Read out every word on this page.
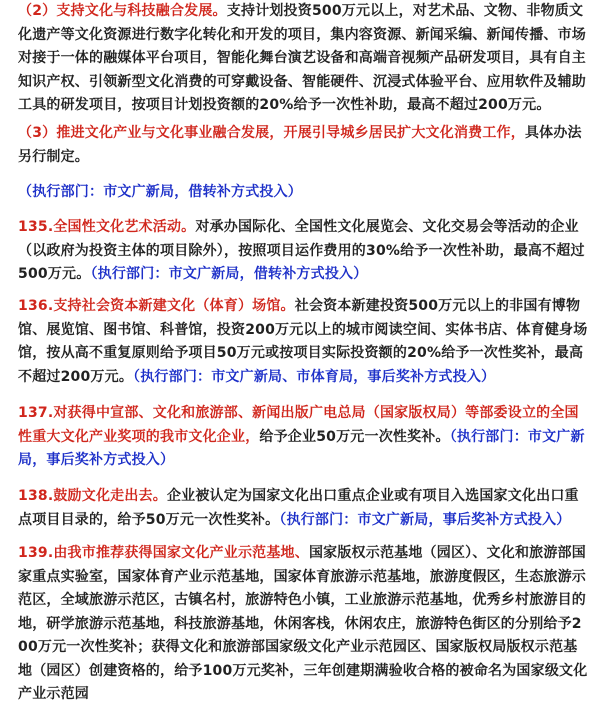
（2）支持文化与科技融合发展。支持计划投资500万元以上，对艺术品、文物、非物质文化遗产等文化资源进行数字化转化和开发的项目，集内容资源、新闻采编、新闻传播、市场对接于一体的融媒体平台项目，智能化舞台演艺设备和高端音视频产品研发项目，具有自主知识产权、引领新型文化消费的可穿戴设备、智能硬件、沉浸式体验平台、应用软件及辅助工具的研发项目，按项目计划投资额的20%给予一次性补助，最高不超过200万元。

（3）推进文化产业与文化事业融合发展，开展引导城乡居民扩大文化消费工作，具体办法另行制定。

（执行部门：市文广新局，借转补方式投入）

135.全国性文化艺术活动。对承办国际化、全国性文化展览会、文化交易会等活动的企业（以政府为投资主体的项目除外），按照项目运作费用的30%给予一次性补助，最高不超过500万元。（执行部门：市文广新局，借转补方式投入）

136.支持社会资本新建文化（体育）场馆。社会资本新建投资500万元以上的非国有博物馆、展览馆、图书馆、科普馆，投资200万元以上的城市阅读空间、实体书店、体育健身场馆，按从高不重复原则给予项目50万元或按项目实际投资额的20%给予一次性奖补，最高不超过200万元。（执行部门：市文广新局、市体育局，事后奖补方式投入）

137.对获得中宣部、文化和旅游部、新闻出版广电总局（国家版权局）等部委设立的全国性重大文化产业奖项的我市文化企业，给予企业50万元一次性奖补。（执行部门：市文广新局，事后奖补方式投入）

138.鼓励文化走出去。企业被认定为国家文化出口重点企业或有项目入选国家文化出口重点项目目录的，给予50万元一次性奖补。（执行部门：市文广新局，事后奖补方式投入）

139.由我市推荐获得国家文化产业示范基地、国家版权示范基地（园区）、文化和旅游部国家重点实验室，国家体育产业示范基地，国家体育旅游示范基地，旅游度假区，生态旅游示范区，全域旅游示范区，古镇名村，旅游特色小镇，工业旅游示范基地，优秀乡村旅游目的地，研学旅游示范基地，科技旅游基地，休闲客栈，休闲农庄，旅游特色街区的分别给予200万元一次性奖补；获得文化和旅游部国家级文化产业示范园区、国家版权局版权示范基地（园区）创建资格的，给予100万元奖补，三年创建期满验收合格的被命名为国家级文化产业示范园
